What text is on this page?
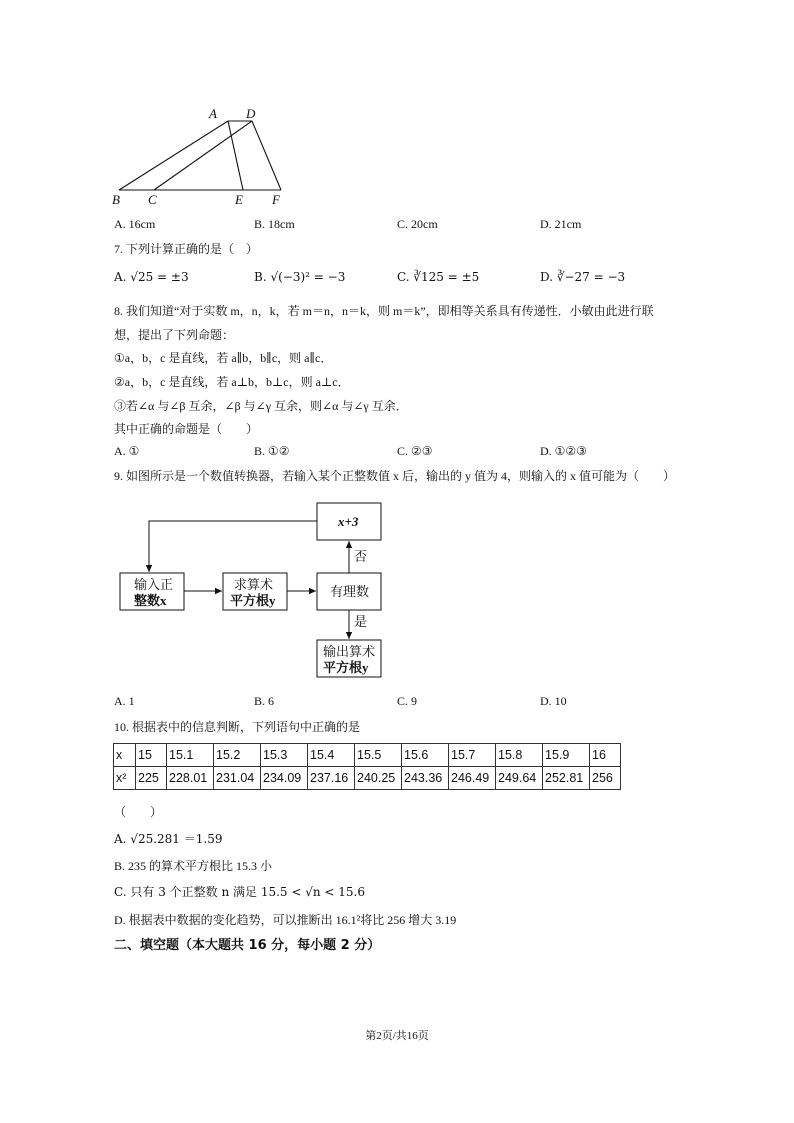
A D
B C	E F
A. 16cm	B. 18cm	C. 20cm	D. 21cm
7. 下列计算正确的是（　）
A. √25 = ±3	B. √(−3)² = −3	C. ∛125 = ±5	D. ∛−27 = −3
8. 我们知道“对于实数 m，n，k，若 m＝n，n＝k，则 m＝k”，即相等关系具有传递性．小敏由此进行联
想，提出了下列命题：
①a，b，c 是直线，若 a∥b，b∥c，则 a∥c．
②a，b，c 是直线，若 a⊥b，b⊥c，则 a⊥c．
③若∠α 与∠β 互余，∠β 与∠γ 互余，则∠α 与∠γ 互余．
其中正确的命题是（　　）
A. ①	B. ①②	C. ②③	D. ①②③
9. 如图所示是一个数值转换器，若输入某个正整数值 x 后，输出的 y 值为 4，则输入的 x 值可能为（　　）
输入正
整数x
求算术
平方根y
有理数
x+3
否
是
输出算术
平方根y
A. 1	B. 6	C. 9	D. 10
10. 根据表中的信息判断，下列语句中正确的是
x	15	15.1	15.2	15.3	15.4	15.5	15.6	15.7	15.8	15.9	16
x²	225	228.01	231.04	234.09	237.16	240.25	243.36	246.49	249.64	252.81	256
（　　）
A. √25.281 ＝1.59
B. 235 的算术平方根比 15.3 小
C. 只有 3 个正整数 n 满足 15.5 < √n < 15.6
D. 根据表中数据的变化趋势，可以推断出 16.1²将比 256 增大 3.19
二、填空题（本大题共 16 分，每小题 2 分）
第2页/共16页
